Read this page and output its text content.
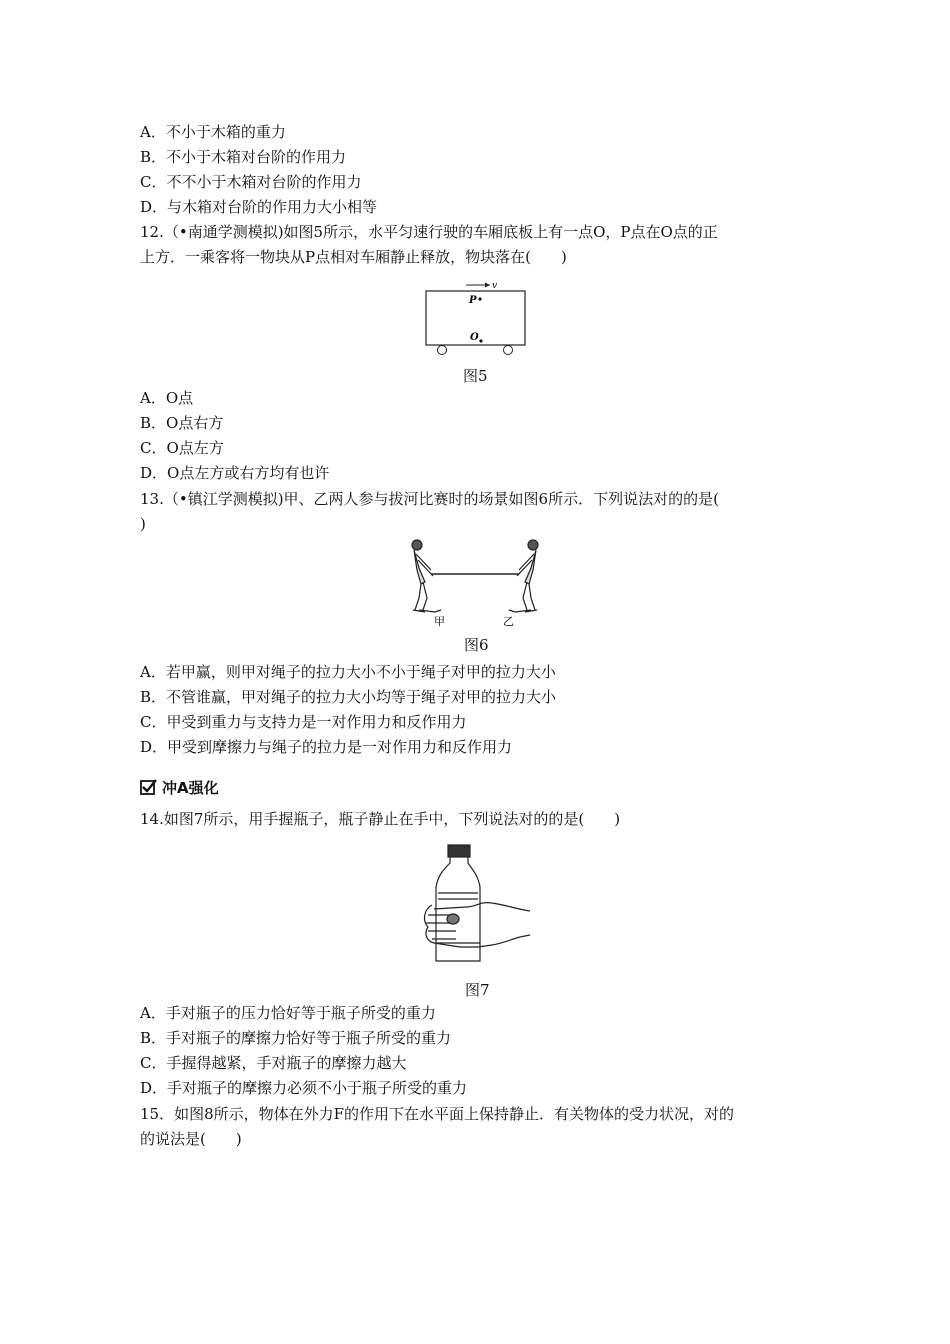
A．不小于木箱的重力
B．不小于木箱对台阶的作用力
C．不不小于木箱对台阶的作用力
D．与木箱对台阶的作用力大小相等
12.（•南通学测模拟)如图5所示，水平匀速行驶的车厢底板上有一点O，P点在O点的正
上方．一乘客将一物块从P点相对车厢静止释放，物块落在(　　)
v
P
O
图5
A．O点
B．O点右方
C．O点左方
D．O点左方或右方均有也许
13.（•镇江学测模拟)甲、乙两人参与拔河比赛时的场景如图6所示．下列说法对的的是(
)
甲	乙
图6
A．若甲赢，则甲对绳子的拉力大小不小于绳子对甲的拉力大小
B．不管谁赢，甲对绳子的拉力大小均等于绳子对甲的拉力大小
C．甲受到重力与支持力是一对作用力和反作用力
D．甲受到摩擦力与绳子的拉力是一对作用力和反作用力
冲A强化
14.如图7所示，用手握瓶子，瓶子静止在手中，下列说法对的的是(　　)
图7
A．手对瓶子的压力恰好等于瓶子所受的重力
B．手对瓶子的摩擦力恰好等于瓶子所受的重力
C．手握得越紧，手对瓶子的摩擦力越大
D．手对瓶子的摩擦力必须不小于瓶子所受的重力
15．如图8所示，物体在外力F的作用下在水平面上保持静止．有关物体的受力状况，对的
的说法是(　　)
